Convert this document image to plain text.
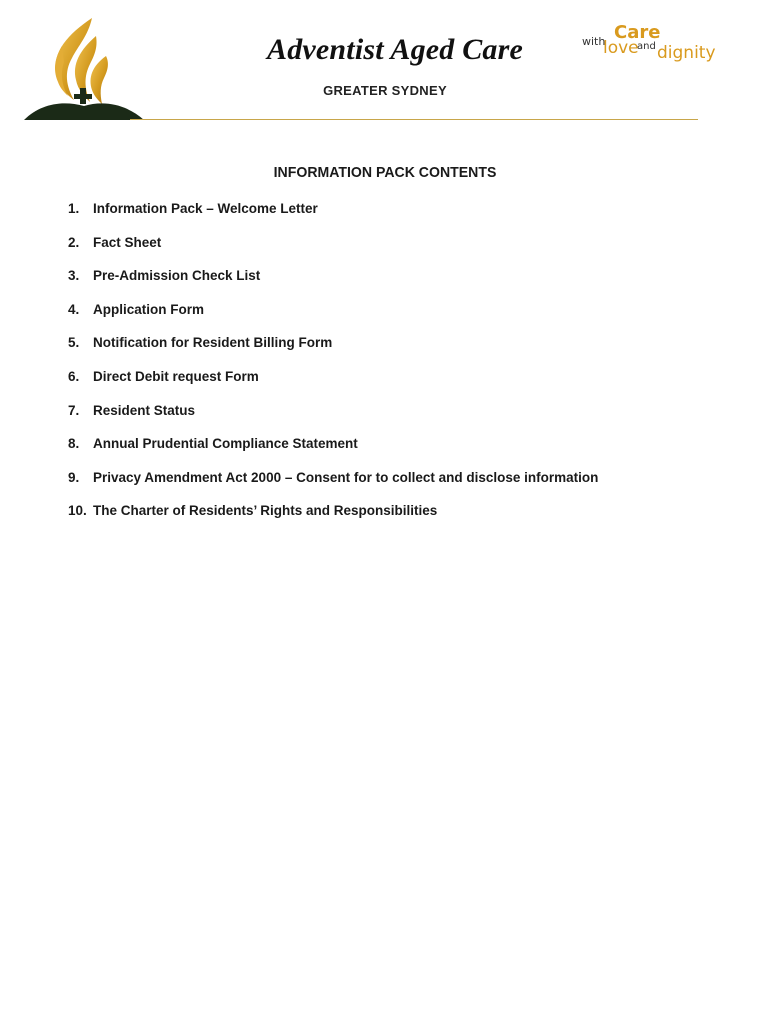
Adventist Aged Care
GREATER SYDNEY
Care
with
love
and dignity
INFORMATION PACK CONTENTS
1.	Information Pack – Welcome Letter
2.	Fact Sheet
3.	Pre-Admission Check List
4.	Application Form
5.	Notification for Resident Billing Form
6.	Direct Debit request Form
7.	Resident Status
8.	Annual Prudential Compliance Statement
9.	Privacy Amendment Act 2000 – Consent for to collect and disclose information
10. The Charter of Residents’ Rights and Responsibilities
